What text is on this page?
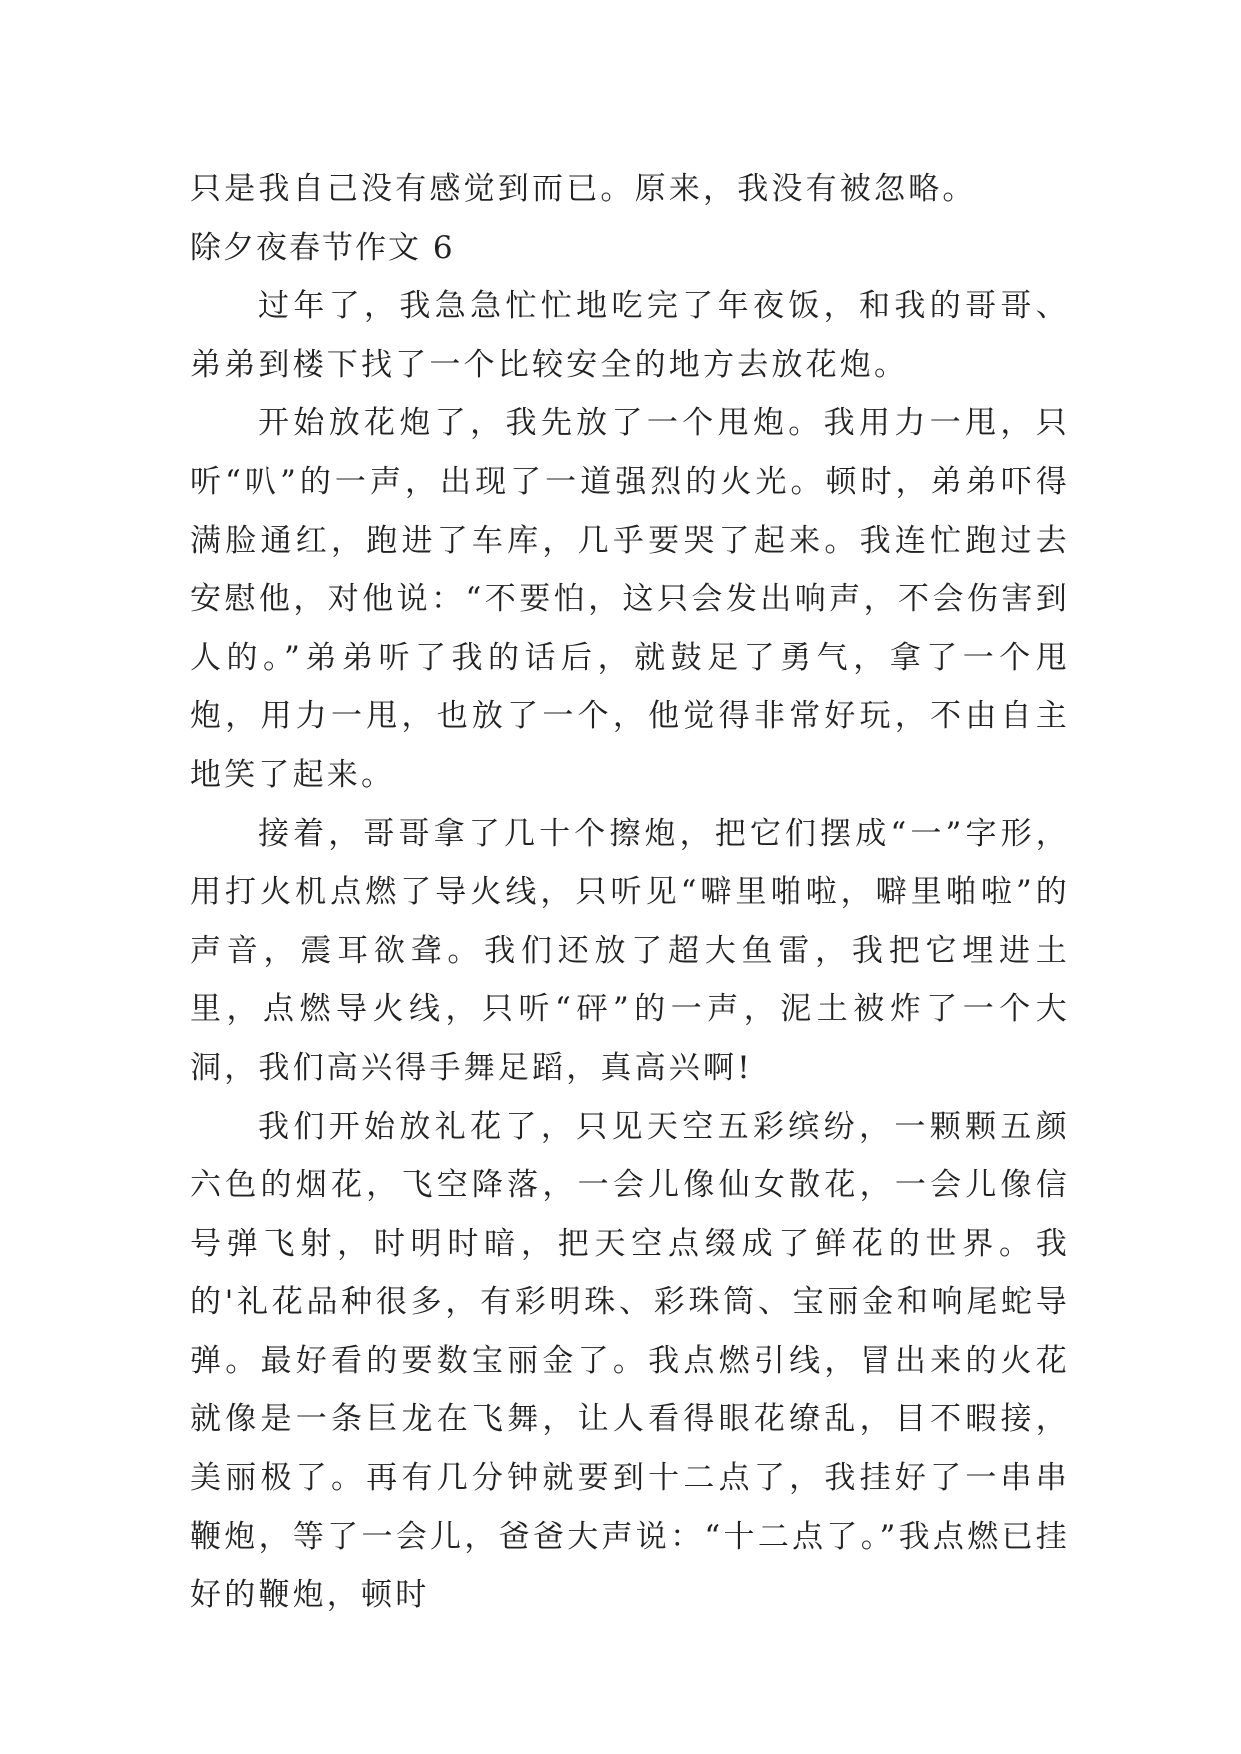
只是我自己没有感觉到而已。原来，我没有被忽略。

除夕夜春节作文 6

过年了，我急急忙忙地吃完了年夜饭，和我的哥哥、弟弟到楼下找了一个比较安全的地方去放花炮。

开始放花炮了，我先放了一个甩炮。我用力一甩，只听“叭”的一声，出现了一道强烈的火光。顿时，弟弟吓得满脸通红，跑进了车库，几乎要哭了起来。我连忙跑过去安慰他，对他说：“不要怕，这只会发出响声，不会伤害到人的。”弟弟听了我的话后，就鼓足了勇气，拿了一个甩炮，用力一甩，也放了一个，他觉得非常好玩，不由自主地笑了起来。

接着，哥哥拿了几十个擦炮，把它们摆成“一”字形，用打火机点燃了导火线，只听见“噼里啪啦，噼里啪啦”的声音，震耳欲聋。我们还放了超大鱼雷，我把它埋进土里，点燃导火线，只听“砰”的一声，泥土被炸了一个大洞，我们高兴得手舞足蹈，真高兴啊!

我们开始放礼花了，只见天空五彩缤纷，一颗颗五颜六色的烟花，飞空降落，一会儿像仙女散花，一会儿像信号弹飞射，时明时暗，把天空点缀成了鲜花的世界。我的'礼花品种很多，有彩明珠、彩珠筒、宝丽金和响尾蛇导弹。最好看的要数宝丽金了。我点燃引线，冒出来的火花就像是一条巨龙在飞舞，让人看得眼花缭乱，目不暇接，美丽极了。再有几分钟就要到十二点了，我挂好了一串串鞭炮，等了一会儿，爸爸大声说：“十二点了。”我点燃已挂好的鞭炮，顿时
